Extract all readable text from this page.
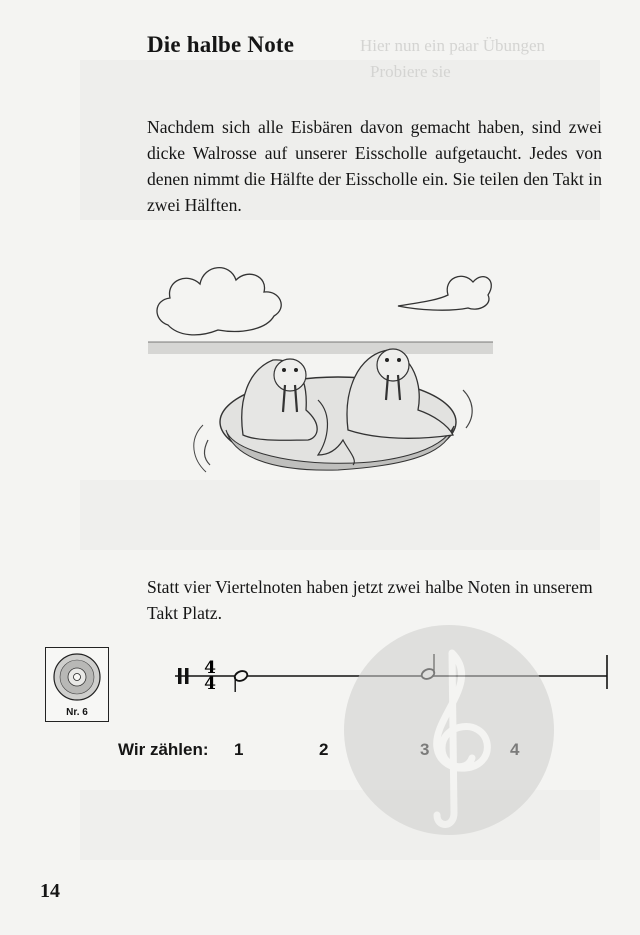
Hier nun ein paar Übungen
Probiere sie
Die halbe Note
Nachdem sich alle Eisbären davon gemacht haben, sind zwei dicke Walrosse auf unserer Eisscholle aufgetaucht. Jedes von denen nimmt die Hälfte der Eisscholle ein. Sie teilen den Takt in zwei Hälften.
Statt vier Viertelnoten haben jetzt zwei halbe Noten in unserem Takt Platz.
Nr. 6
4
4
Wir zählen: 1	2
14
